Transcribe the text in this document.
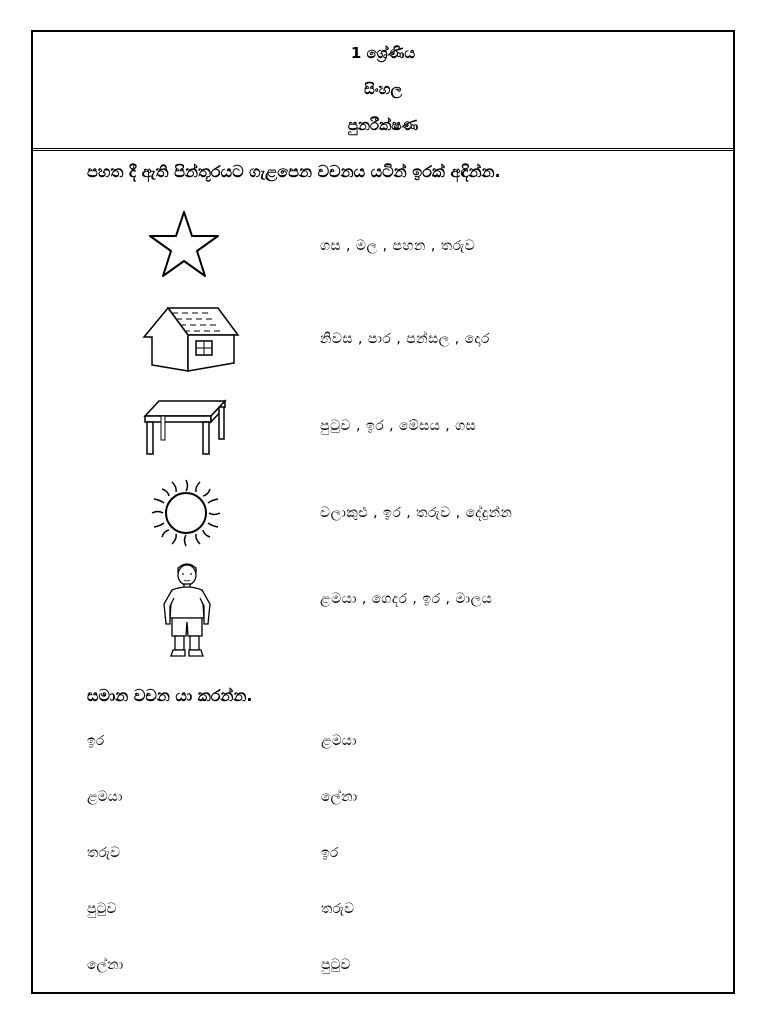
1 ශ්‍රේණිය
සිංහල
පුනරීක්ෂණ
පහත දී ඇති පින්තූරයට ගැළපෙන වචනය යටින් ඉරක් අඳින්න.
ගස , මල , පහන , තරුව
නිවස , පාර , පන්සල , දොර
පුටුව , ඉර , මේසය , ගස
වලාකුළු , ඉර , තරුව , දේදුන්න
ළමයා , ගෙදර , ඉර , මාලය
සමාන වචන යා කරන්න.
ඉර	ළමයා
ළමයා	ලේනා
තරුව	ඉර
පුටුව	තරුව
ලේනා	පුටුව
